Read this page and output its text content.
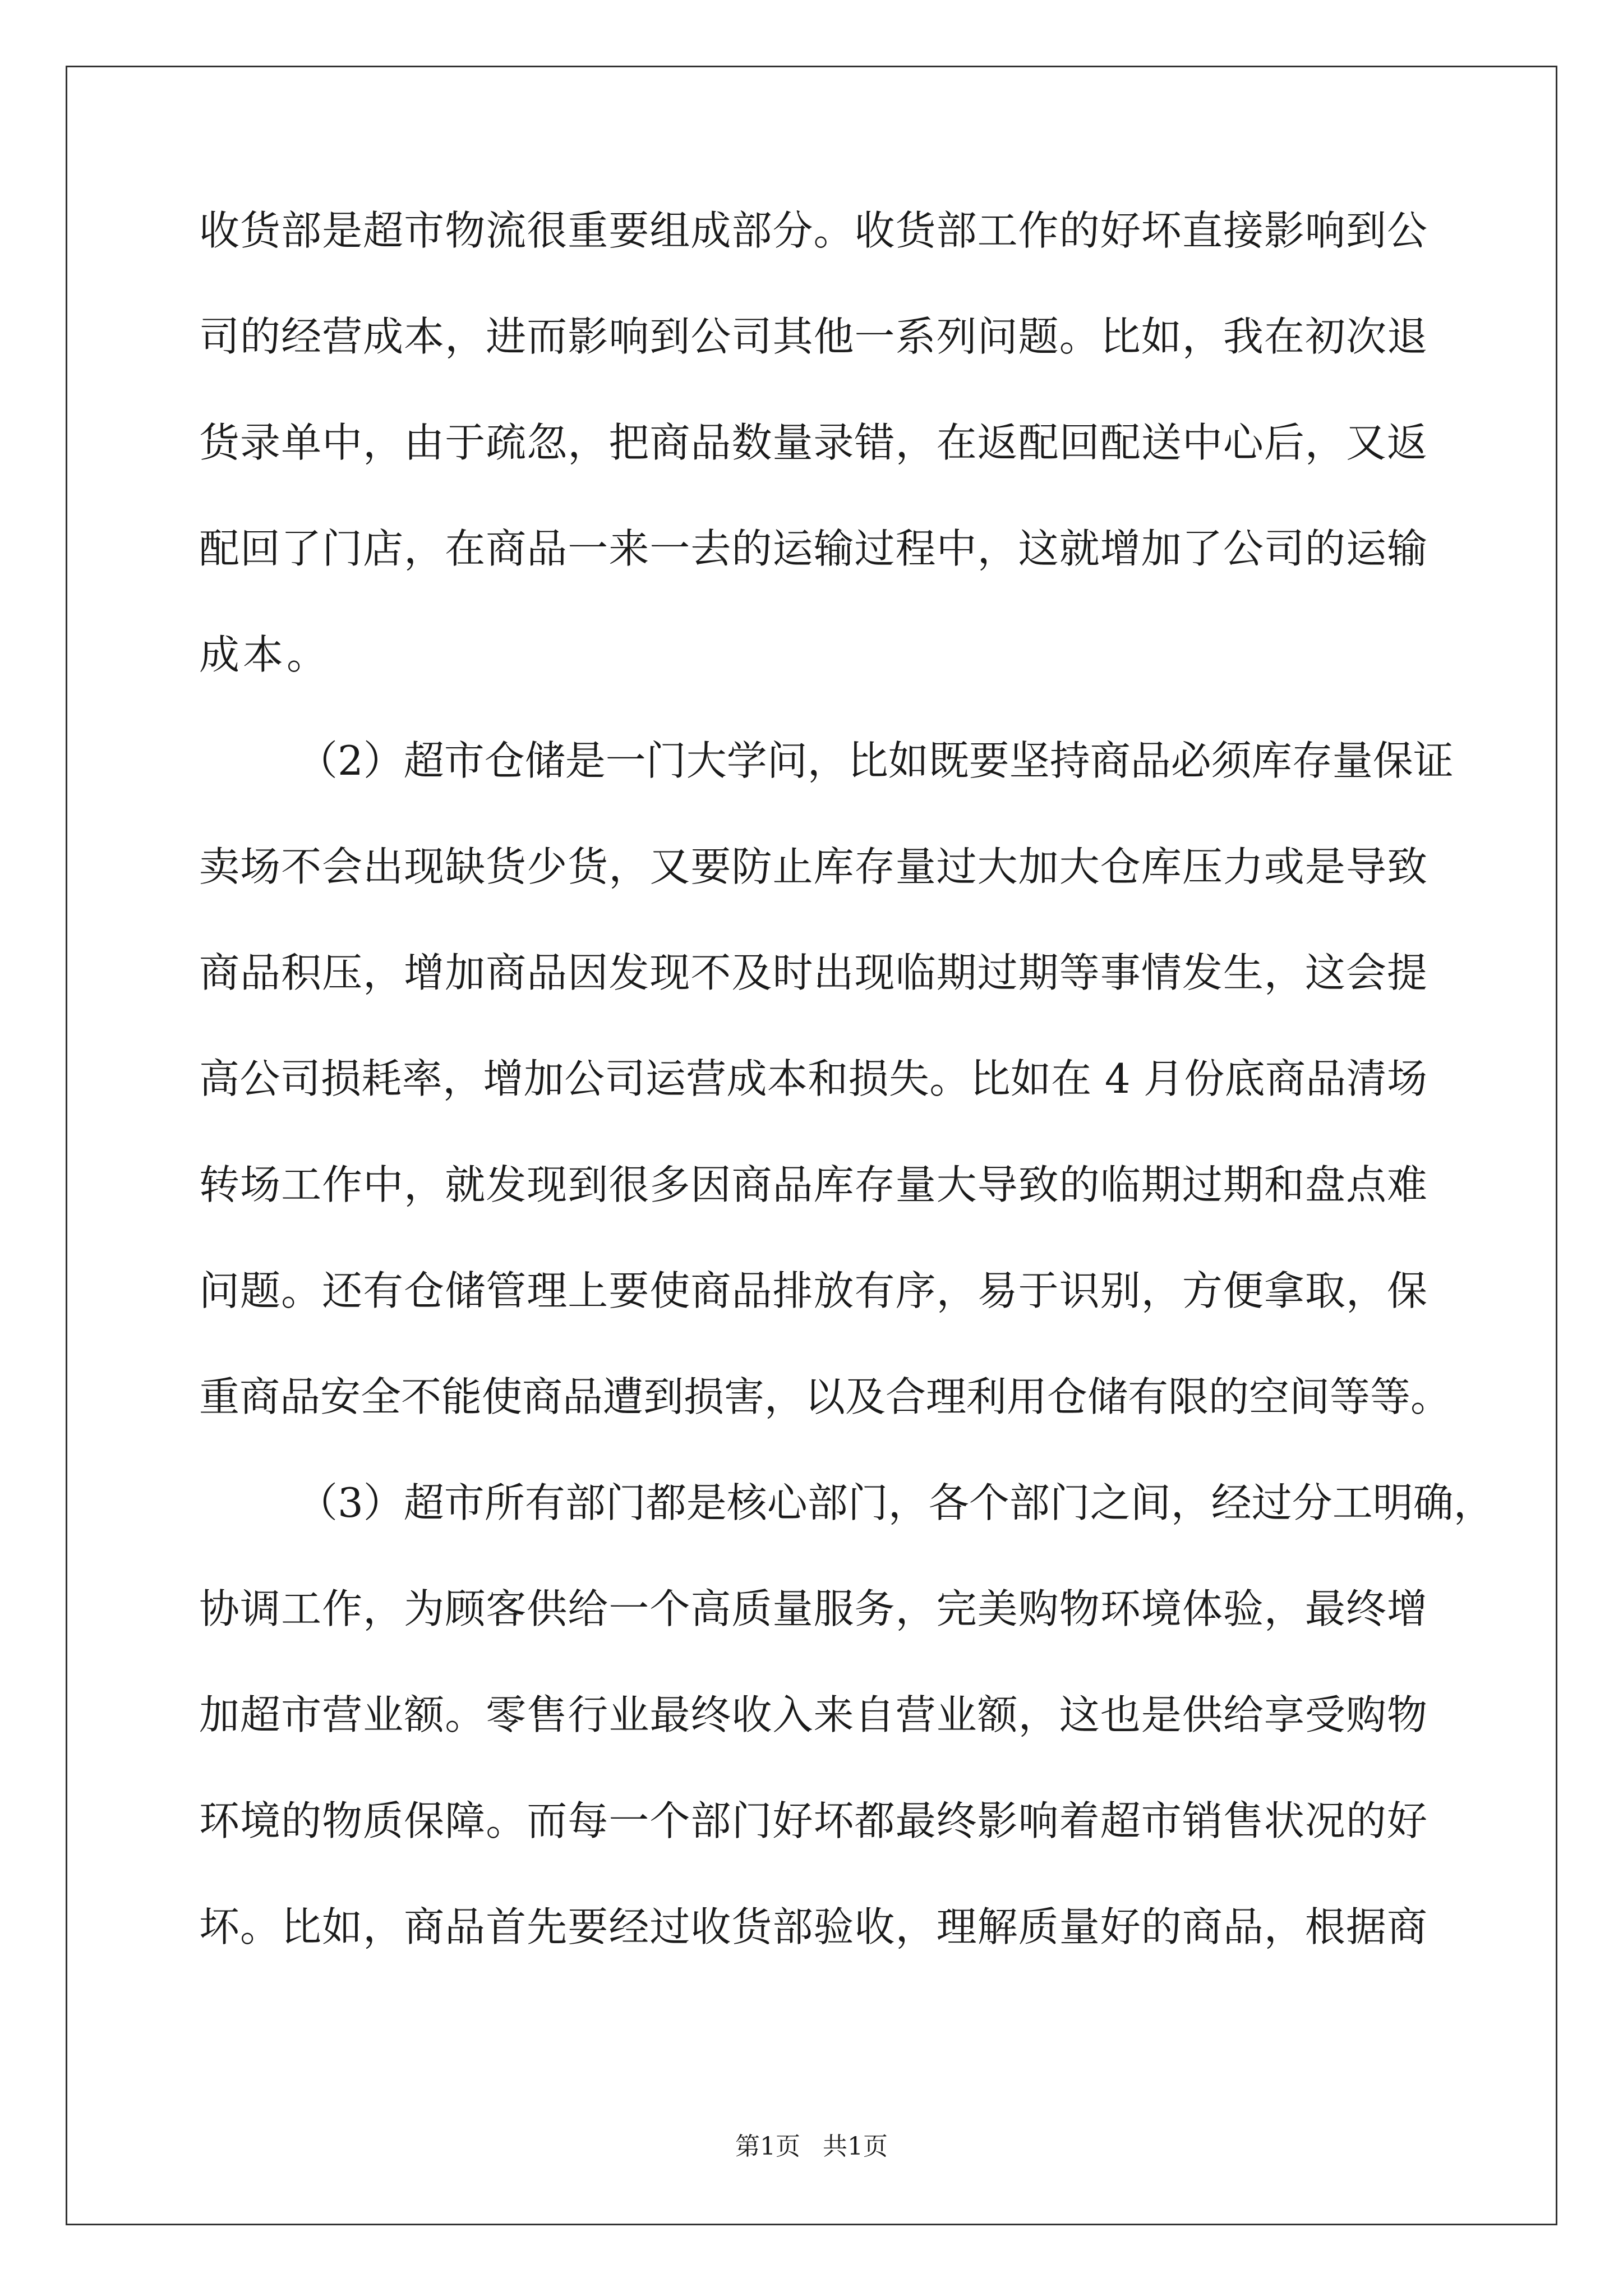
收货部是超市物流很重要组成部分。收货部工作的好坏直接影响到公
司的经营成本，进而影响到公司其他一系列问题。比如，我在初次退
货录单中，由于疏忽，把商品数量录错，在返配回配送中心后，又返
配回了门店，在商品一来一去的运输过程中，这就增加了公司的运输
成本。
（2）超市仓储是一门大学问，比如既要坚持商品必须库存量保证
卖场不会出现缺货少货，又要防止库存量过大加大仓库压力或是导致
商品积压，增加商品因发现不及时出现临期过期等事情发生，这会提
高公司损耗率，增加公司运营成本和损失。比如在 4 月份底商品清场
转场工作中，就发现到很多因商品库存量大导致的临期过期和盘点难
问题。还有仓储管理上要使商品排放有序，易于识别，方便拿取，保
重商品安全不能使商品遭到损害，以及合理利用仓储有限的空间等等。
（3）超市所有部门都是核心部门，各个部门之间，经过分工明确，
协调工作，为顾客供给一个高质量服务，完美购物环境体验，最终增
加超市营业额。零售行业最终收入来自营业额，这也是供给享受购物
环境的物质保障。而每一个部门好坏都最终影响着超市销售状况的好
坏。比如，商品首先要经过收货部验收，理解质量好的商品，根据商
第1页 共1页
